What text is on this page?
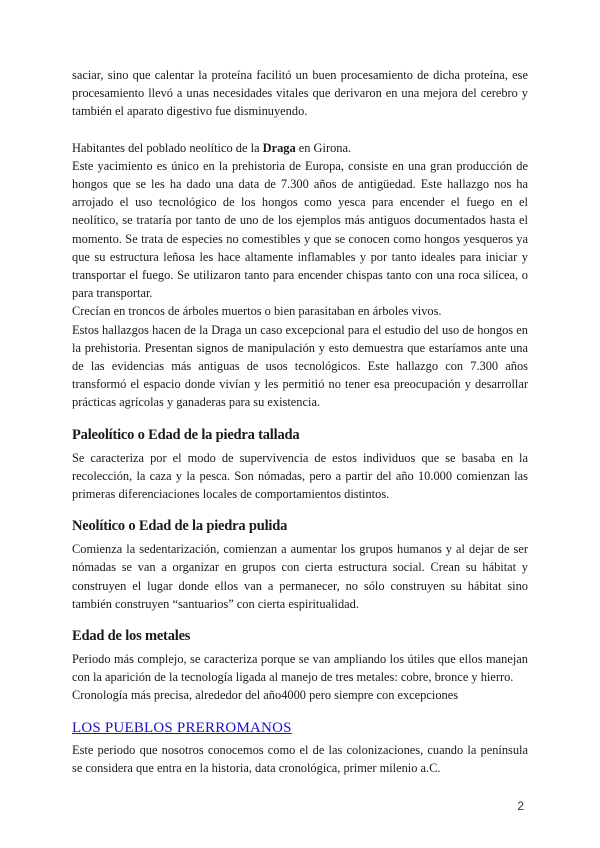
saciar, sino que calentar la proteína facilitó un buen procesamiento de dicha proteína, ese procesamiento llevó a unas necesidades vitales que derivaron en una mejora del cerebro y también el aparato digestivo fue disminuyendo.

Habitantes del poblado neolítico de la Draga en Girona.

Este yacimiento es único en la prehistoria de Europa, consiste en una gran producción de hongos que se les ha dado una data de 7.300 años de antigüedad. Este hallazgo nos ha arrojado el uso tecnológico de los hongos como yesca para encender el fuego en el neolítico, se trataría por tanto de uno de los ejemplos más antiguos documentados hasta el momento. Se trata de especies no comestibles y que se conocen como hongos yesqueros ya que su estructura leñosa les hace altamente inflamables y por tanto ideales para iniciar y transportar el fuego. Se utilizaron tanto para encender chispas tanto con una roca silícea, o para transportar.

Crecían en troncos de árboles muertos o bien parasitaban en árboles vivos.

Estos hallazgos hacen de la Draga un caso excepcional para el estudio del uso de hongos en la prehistoria. Presentan signos de manipulación y esto demuestra que estaríamos ante una de las evidencias más antiguas de usos tecnológicos. Este hallazgo con 7.300 años transformó el espacio donde vivían y les permitió no tener esa preocupación y desarrollar prácticas agrícolas y ganaderas para su existencia.

Paleolítico o Edad de la piedra tallada

Se caracteriza por el modo de supervivencia de estos individuos que se basaba en la recolección, la caza y la pesca. Son nómadas, pero a partir del año 10.000 comienzan las primeras diferenciaciones locales de comportamientos distintos.

Neolítico o Edad de la piedra pulida

Comienza la sedentarización, comienzan a aumentar los grupos humanos y al dejar de ser nómadas se van a organizar en grupos con cierta estructura social. Crean su hábitat y construyen el lugar donde ellos van a permanecer, no sólo construyen su hábitat sino también construyen “santuarios” con cierta espiritualidad.

Edad de los metales

Periodo más complejo, se caracteriza porque se van ampliando los útiles que ellos manejan con la aparición de la tecnología ligada al manejo de tres metales: cobre, bronce y hierro.

Cronología más precisa, alrededor del año4000 pero siempre con excepciones

LOS PUEBLOS PRERROMANOS

Este periodo que nosotros conocemos como el de las colonizaciones, cuando la península se considera que entra en la historia, data cronológica, primer milenio a.C.

2
